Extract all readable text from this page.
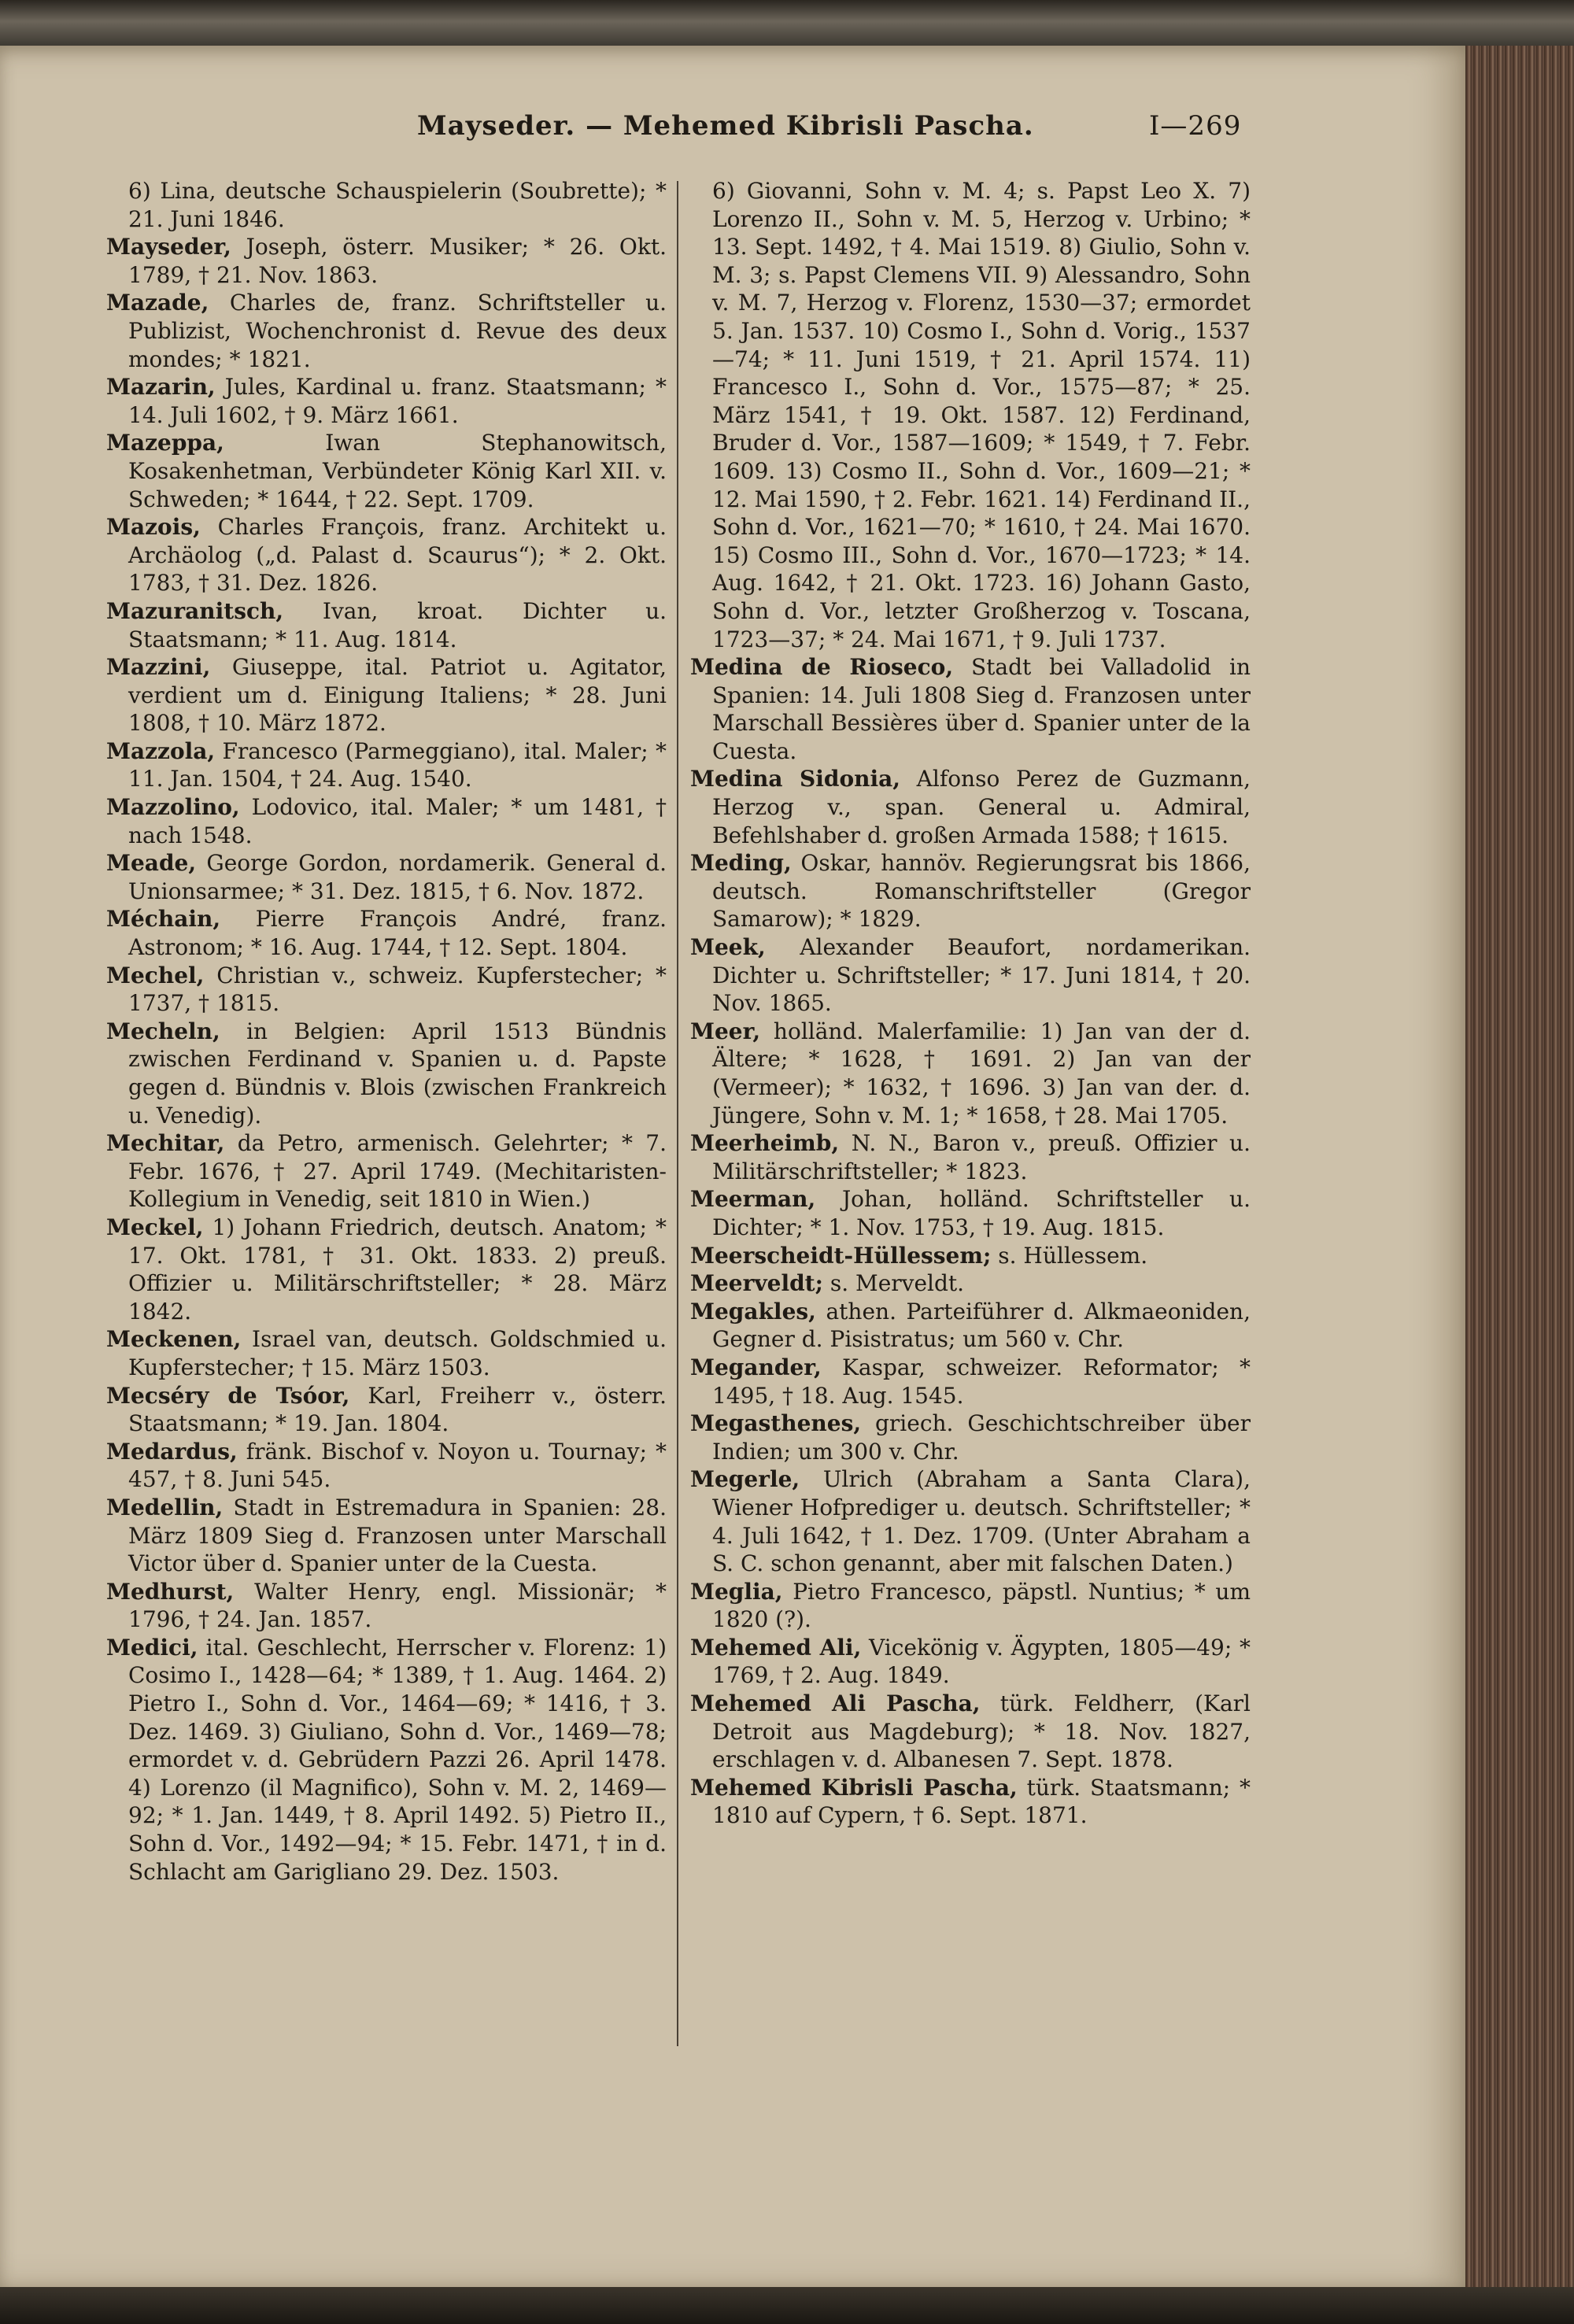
Mayseder. — Mehemed Kibrisli Pascha.	I—269

6) Lina, deutsche Schauspielerin (Soubrette); * 21. Juni 1846.

Mayseder, Joseph, österr. Musiker; * 26. Okt. 1789, † 21. Nov. 1863.

Mazade, Charles de, franz. Schriftsteller u. Publizist, Wochenchronist d. Revue des deux mondes; * 1821.

Mazarin, Jules, Kardinal u. franz. Staatsmann; * 14. Juli 1602, † 9. März 1661.

Mazeppa, Iwan Stephanowitsch, Kosakenhetman, Verbündeter König Karl XII. v. Schweden; * 1644, † 22. Sept. 1709.

Mazois, Charles François, franz. Architekt u. Archäolog („d. Palast d. Scaurus“); * 2. Okt. 1783, † 31. Dez. 1826.

Mazuranitsch, Ivan, kroat. Dichter u. Staatsmann; * 11. Aug. 1814.

Mazzini, Giuseppe, ital. Patriot u. Agitator, verdient um d. Einigung Italiens; * 28. Juni 1808, † 10. März 1872.

Mazzola, Francesco (Parmeggiano), ital. Maler; * 11. Jan. 1504, † 24. Aug. 1540.

Mazzolino, Lodovico, ital. Maler; * um 1481, † nach 1548.

Meade, George Gordon, nordamerik. General d. Unionsarmee; * 31. Dez. 1815, † 6. Nov. 1872.

Méchain, Pierre François André, franz. Astronom; * 16. Aug. 1744, † 12. Sept. 1804.

Mechel, Christian v., schweiz. Kupferstecher; * 1737, † 1815.

Mecheln, in Belgien: April 1513 Bündnis zwischen Ferdinand v. Spanien u. d. Papste gegen d. Bündnis v. Blois (zwischen Frankreich u. Venedig).

Mechitar, da Petro, armenisch. Gelehrter; * 7. Febr. 1676, † 27. April 1749. (Mechitaristen-Kollegium in Venedig, seit 1810 in Wien.)

Meckel, 1) Johann Friedrich, deutsch. Anatom; * 17. Okt. 1781, † 31. Okt. 1833. 2) preuß. Offizier u. Militärschriftsteller; * 28. März 1842.

Meckenen, Israel van, deutsch. Goldschmied u. Kupferstecher; † 15. März 1503.

Mecséry de Tsóor, Karl, Freiherr v., österr. Staatsmann; * 19. Jan. 1804.

Medardus, fränk. Bischof v. Noyon u. Tournay; * 457, † 8. Juni 545.

Medellin, Stadt in Estremadura in Spanien: 28. März 1809 Sieg d. Franzosen unter Marschall Victor über d. Spanier unter de la Cuesta.

Medhurst, Walter Henry, engl. Missionär; * 1796, † 24. Jan. 1857.

Medici, ital. Geschlecht, Herrscher v. Florenz: 1) Cosimo I., 1428—64; * 1389, † 1. Aug. 1464. 2) Pietro I., Sohn d. Vor., 1464—69; * 1416, † 3. Dez. 1469. 3) Giuliano, Sohn d. Vor., 1469—78; ermordet v. d. Gebrüdern Pazzi 26. April 1478. 4) Lorenzo (il Magnifico), Sohn v. M. 2, 1469—92; * 1. Jan. 1449, † 8. April 1492. 5) Pietro II., Sohn d. Vor., 1492—94; * 15. Febr. 1471, † in d. Schlacht am Garigliano 29. Dez. 1503.

6) Giovanni, Sohn v. M. 4; s. Papst Leo X. 7) Lorenzo II., Sohn v. M. 5, Herzog v. Urbino; * 13. Sept. 1492, † 4. Mai 1519. 8) Giulio, Sohn v. M. 3; s. Papst Clemens VII. 9) Alessandro, Sohn v. M. 7, Herzog v. Florenz, 1530—37; ermordet 5. Jan. 1537. 10) Cosmo I., Sohn d. Vorig., 1537—74; * 11. Juni 1519, † 21. April 1574. 11) Francesco I., Sohn d. Vor., 1575—87; * 25. März 1541, † 19. Okt. 1587. 12) Ferdinand, Bruder d. Vor., 1587—1609; * 1549, † 7. Febr. 1609. 13) Cosmo II., Sohn d. Vor., 1609—21; * 12. Mai 1590, † 2. Febr. 1621. 14) Ferdinand II., Sohn d. Vor., 1621—70; * 1610, † 24. Mai 1670. 15) Cosmo III., Sohn d. Vor., 1670—1723; * 14. Aug. 1642, † 21. Okt. 1723. 16) Johann Gasto, Sohn d. Vor., letzter Großherzog v. Toscana, 1723—37; * 24. Mai 1671, † 9. Juli 1737.

Medina de Rioseco, Stadt bei Valladolid in Spanien: 14. Juli 1808 Sieg d. Franzosen unter Marschall Bessières über d. Spanier unter de la Cuesta.

Medina Sidonia, Alfonso Perez de Guzmann, Herzog v., span. General u. Admiral, Befehlshaber d. großen Armada 1588; † 1615.

Meding, Oskar, hannöv. Regierungsrat bis 1866, deutsch. Romanschriftsteller (Gregor Samarow); * 1829.

Meek, Alexander Beaufort, nordamerikan. Dichter u. Schriftsteller; * 17. Juni 1814, † 20. Nov. 1865.

Meer, holländ. Malerfamilie: 1) Jan van der d. Ältere; * 1628, † 1691. 2) Jan van der (Vermeer); * 1632, † 1696. 3) Jan van der. d. Jüngere, Sohn v. M. 1; * 1658, † 28. Mai 1705.

Meerheimb, N. N., Baron v., preuß. Offizier u. Militärschriftsteller; * 1823.

Meerman, Johan, holländ. Schriftsteller u. Dichter; * 1. Nov. 1753, † 19. Aug. 1815.

Meerscheidt-Hüllessem; s. Hüllessem.

Meerveldt; s. Merveldt.

Megakles, athen. Parteiführer d. Alkmaeoniden, Gegner d. Pisistratus; um 560 v. Chr.

Megander, Kaspar, schweizer. Reformator; * 1495, † 18. Aug. 1545.

Megasthenes, griech. Geschichtschreiber über Indien; um 300 v. Chr.

Megerle, Ulrich (Abraham a Santa Clara), Wiener Hofprediger u. deutsch. Schriftsteller; * 4. Juli 1642, † 1. Dez. 1709. (Unter Abraham a S. C. schon genannt, aber mit falschen Daten.)

Meglia, Pietro Francesco, päpstl. Nuntius; * um 1820 (?).

Mehemed Ali, Vicekönig v. Ägypten, 1805—49; * 1769, † 2. Aug. 1849.

Mehemed Ali Pascha, türk. Feldherr, (Karl Detroit aus Magdeburg); * 18. Nov. 1827, erschlagen v. d. Albanesen 7. Sept. 1878.

Mehemed Kibrisli Pascha, türk. Staatsmann; * 1810 auf Cypern, † 6. Sept. 1871.
